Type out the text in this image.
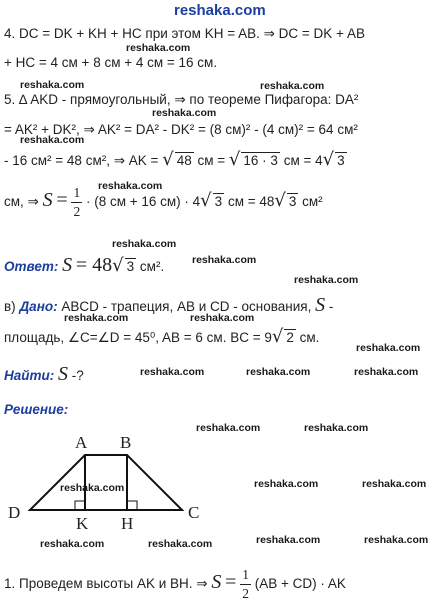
reshaka.com
4. DC = DK + KH + HC при этом KH = AB. ⇒ DC = DK + AB
+ HC = 4 см + 8 см + 4 см = 16 см.
5. ∆ AKD - прямоугольный, ⇒ по теореме Пифагора: DA²
= AK² + DK², ⇒ AK² = DA² - DK² = (8 см)² - (4 см)² = 64 см²
- 16 см² = 48 см², ⇒ AK = √ 48 см = √ 16 · 3 см = 4√ 3
см, ⇒ $S = \frac{1}{2} \cdot (8$ см + 16 см) · 4√ 3 см = 48√ 3 см²
Ответ: S = 48√ 3 см².
в) Дано: ABCD - трапеция, AB и CD - основания, S -
площадь, ∠C=∠D = 45⁰, AB = 6 см. BC = 9√ 2 см.
Найти: S -?
Решение:
A B
D	C
K H
1. Проведем высоты AK и BH. ⇒ $S = \frac{1}{2} (AB + CD)$ · AK
reshaka.com
reshaka.com
reshaka.com
reshaka.com
reshaka.com
reshaka.com
reshaka.com
reshaka.com
reshaka.com
reshaka.com	reshaka.com
reshaka.com
reshaka.com	reshaka.com	reshaka.com
reshaka.com	reshaka.com
reshaka.com	reshaka.com	reshaka.com
reshaka.com	reshaka.com	reshaka.com	reshaka.com
